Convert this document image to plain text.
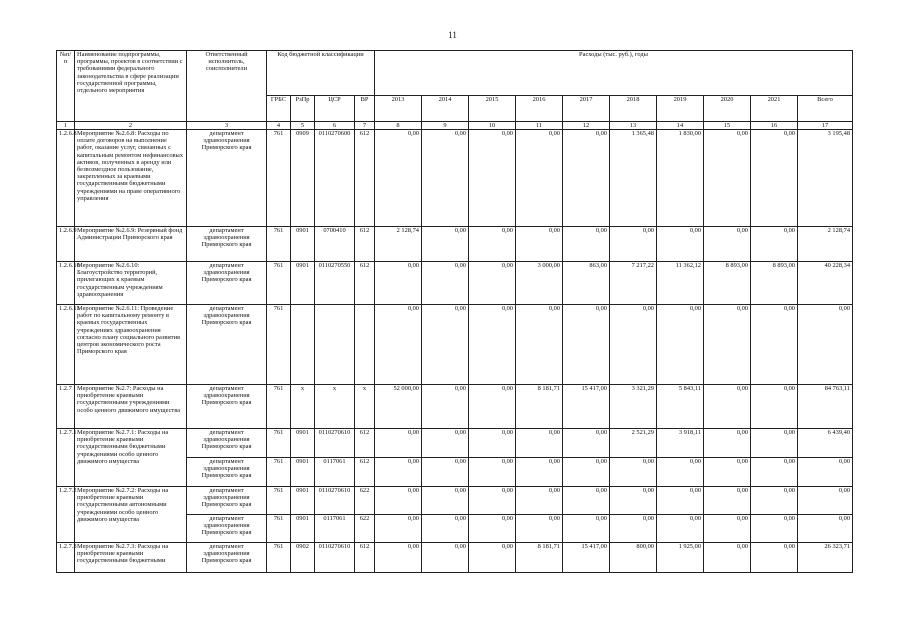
11
№п/п	Наименование подпрограммы, программы, проектов в соответствии с требованиями федерального законодательства в сфере реализации государственной программы, отдельного мероприятия	Ответственный исполнитель, соисполнители	Код бюджетной классификации				Расходы (тыс. руб.), годы									
			ГРБС	РзПр	ЦСР	ВР	2013	2014	2015	2016	2017	2018	2019	2020	2021	Всего
1	2	3	4	5	6	7	8	9	10	11	12	13	14	15	16	17
1.2.6.8	Мероприятие №2.6.8: Расходы по оплате договоров на выполнение работ, оказание услуг, связанных с капитальным ремонтом нефинансовых активов, полученных в аренду или безвозмездное пользование, закрепленных за краевыми государственными бюджетными учреждениями на праве оперативного управления	департамент здравоохранения Приморского края	761	0909	0110270600	612	0,00	0,00	0,00	0,00	0,00	1 365,48	1 830,00	0,00	0,00	3 195,48
1.2.6.9	Мероприятие №2.6.9: Резервный фонд Администрации Приморского края	департамент здравоохранения Приморского края	761	0901	0700410	612	2 128,74	0,00	0,00	0,00	0,00	0,00	0,00	0,00	0,00	2 128,74
1.2.6.10	Мероприятие №2.6.10: Благоустройство территорий, прилегающих к краевым государственным учреждениям здравоохранения	департамент здравоохранения Приморского края	761	0901	0110270550	612	0,00	0,00	0,00	3 000,00	863,00	7 217,22	11 362,12	8 893,00	8 893,00	40 228,34
1.2.6.11	Мероприятие №2.6.11: Проведение работ по капитальному ремонту в краевых государственных учреждениях здравоохранения согласно плану социального развития центров экономического роста Приморского края	департамент здравоохранения Приморского края	761				0,00	0,00	0,00	0,00	0,00	0,00	0,00	0,00	0,00	0,00
1.2.7	Мероприятие №2.7: Расходы на приобретение краевыми государственными учреждениями особо ценного движимого имущества	департамент здравоохранения Приморского края	761	х	х	х	52 000,00	0,00	0,00	8 181,71	15 417,00	3 321,29	5 843,11	0,00	0,00	84 763,11
1.2.7.1	Мероприятие №2.7.1: Расходы на приобретение краевыми государственными бюджетными учреждениями особо ценного движимого имущества	департамент здравоохранения Приморского края	761	0901	0110270610	612	0,00	0,00	0,00	0,00	0,00	2 521,29	3 918,11	0,00	0,00	6 439,40
		департамент здравоохранения Приморского края	761	0901	0117061	612	0,00	0,00	0,00	0,00	0,00	0,00	0,00	0,00	0,00	0,00
1.2.7.2	Мероприятие №2.7.2: Расходы на приобретение краевыми государственными автономными учреждениями особо ценного движимого имущества	департамент здравоохранения Приморского края	761	0901	0110270610	622	0,00	0,00	0,00	0,00	0,00	0,00	0,00	0,00	0,00	0,00
		департамент здравоохранения Приморского края	761	0901	0117061	622	0,00	0,00	0,00	0,00	0,00	0,00	0,00	0,00	0,00	0,00
1.2.7.3	Мероприятие №2.7.3: Расходы на приобретение краевыми государственными бюджетными	департамент здравоохранения Приморского края	761	0902	0110270610	612	0,00	0,00	0,00	8 181,71	15 417,00	800,00	1 925,00	0,00	0,00	26 323,71
